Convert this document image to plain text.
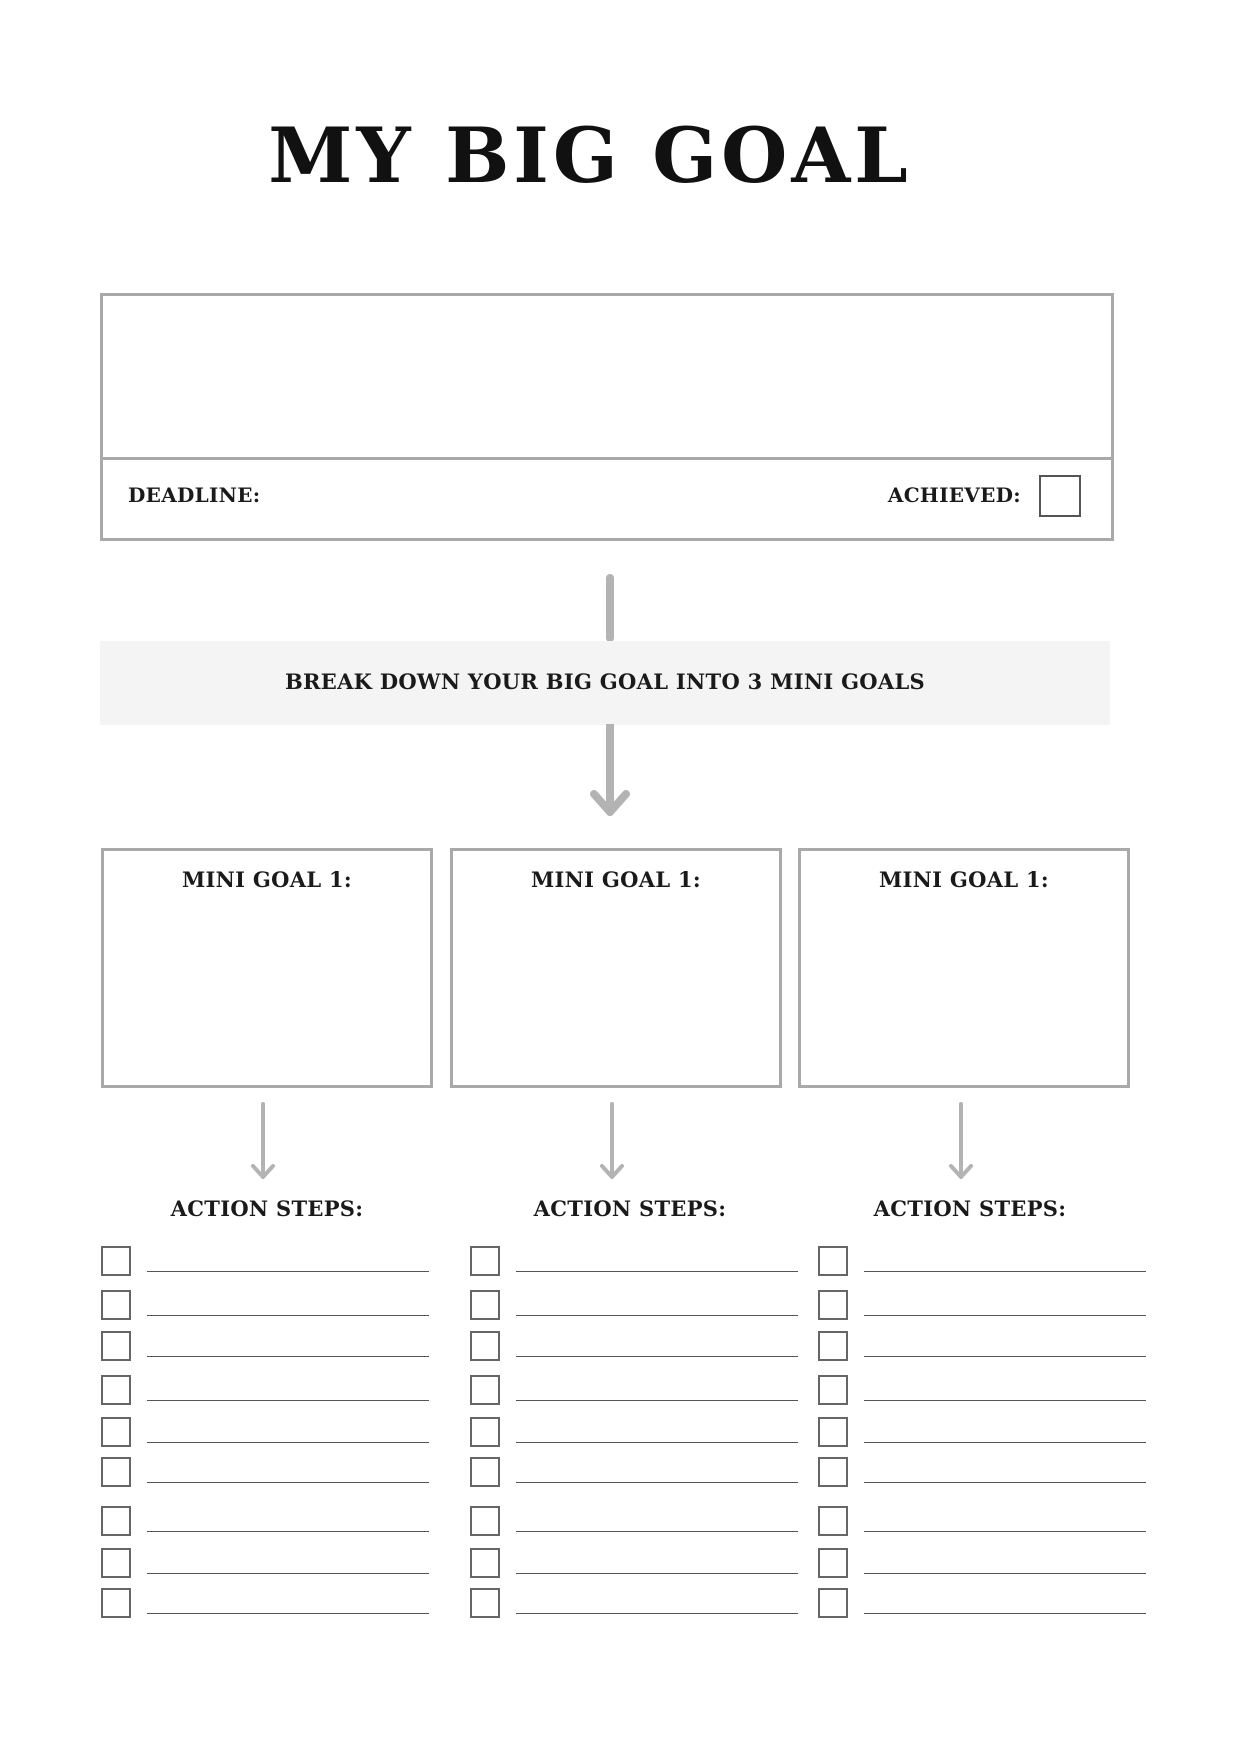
MY BIG GOAL
DEADLINE:	ACHIEVED:
BREAK DOWN YOUR BIG GOAL INTO 3 MINI GOALS
MINI GOAL 1:	MINI GOAL 1:	MINI GOAL 1:
ACTION STEPS:	ACTION STEPS:	ACTION STEPS:
